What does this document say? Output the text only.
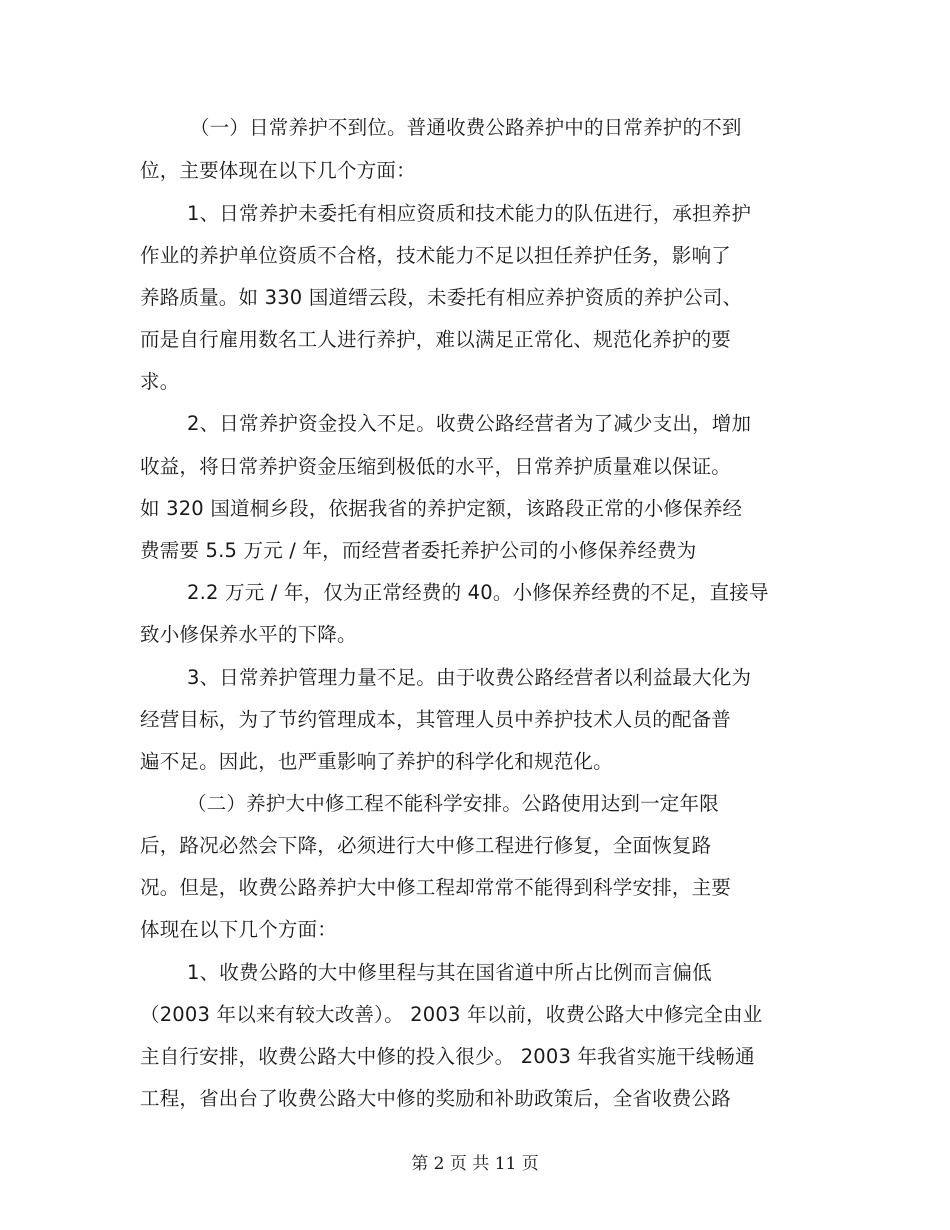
（一）日常养护不到位。普通收费公路养护中的日常养护的不到
位，主要体现在以下几个方面：
1、日常养护未委托有相应资质和技术能力的队伍进行，承担养护
作业的养护单位资质不合格，技术能力不足以担任养护任务，影响了
养路质量。如 330 国道缙云段，未委托有相应养护资质的养护公司、
而是自行雇用数名工人进行养护，难以满足正常化、规范化养护的要
求。
2、日常养护资金投入不足。收费公路经营者为了减少支出，增加
收益，将日常养护资金压缩到极低的水平，日常养护质量难以保证。
如 320 国道桐乡段，依据我省的养护定额，该路段正常的小修保养经
费需要 5.5 万元 / 年，而经营者委托养护公司的小修保养经费为
2.2 万元 / 年，仅为正常经费的 40。小修保养经费的不足，直接导
致小修保养水平的下降。
3、日常养护管理力量不足。由于收费公路经营者以利益最大化为
经营目标，为了节约管理成本，其管理人员中养护技术人员的配备普
遍不足。因此，也严重影响了养护的科学化和规范化。
（二）养护大中修工程不能科学安排。公路使用达到一定年限
后，路况必然会下降，必须进行大中修工程进行修复，全面恢复路
况。但是，收费公路养护大中修工程却常常不能得到科学安排，主要
体现在以下几个方面：
1、收费公路的大中修里程与其在国省道中所占比例而言偏低
（2003 年以来有较大改善）。 2003 年以前，收费公路大中修完全由业
主自行安排，收费公路大中修的投入很少。 2003 年我省实施干线畅通
工程，省出台了收费公路大中修的奖励和补助政策后，全省收费公路
第 2 页 共 11 页
